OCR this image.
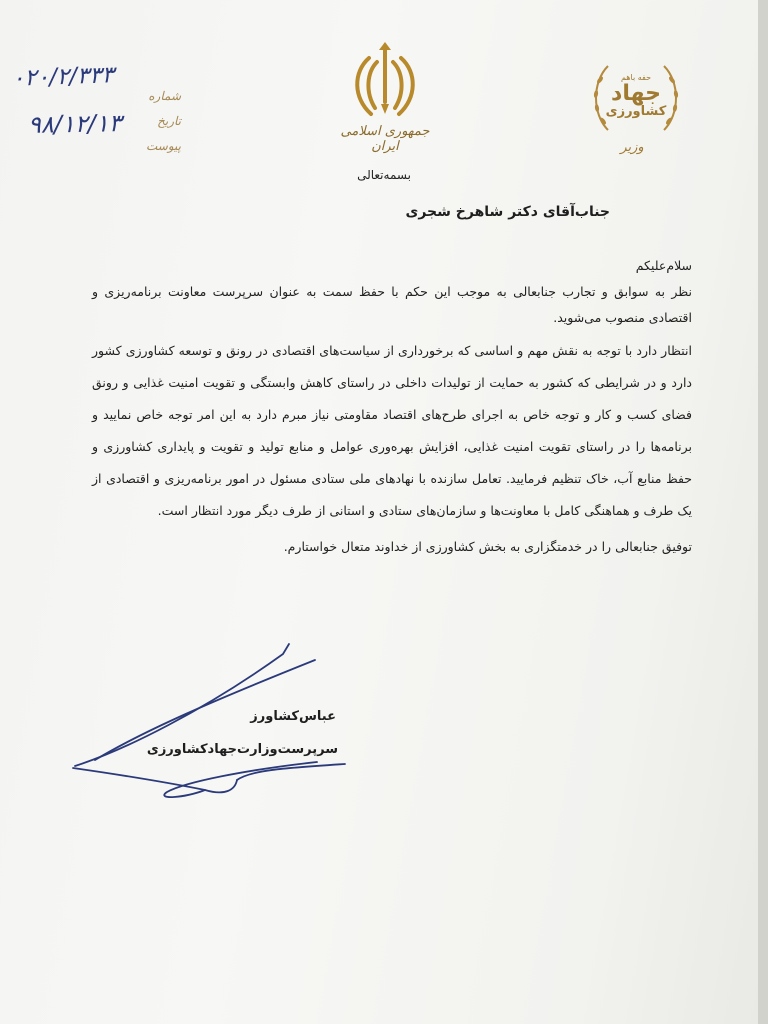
جمهوری اسلامی ایران
حفه باهم
جهاد
کشاورزی
وزیر
شماره
تاریخ
پیوست
۰۲۰/۲/۳۳۳
۹۸/۱۲/۱۳
بسمه‌تعالی
جناب‌آقای دکتر شاهرخ شجری

سلام‌علیکم

نظر به سوابق و تجارب جنابعالی به موجب این حکم با حفظ سمت به عنوان سرپرست معاونت برنامه‌ریزی و اقتصادی منصوب می‌شوید.

انتظار دارد با توجه به نقش مهم و اساسی که برخورداری از سیاست‌های اقتصادی در رونق و توسعه کشاورزی کشور دارد و در شرایطی که کشور به حمایت از تولیدات داخلی در راستای کاهش وابستگی و تقویت امنیت غذایی و رونق فضای کسب و کار و توجه خاص به اجرای طرح‌های اقتصاد مقاومتی نیاز مبرم دارد به این امر توجه خاص نمایید و برنامه‌ها را در راستای تقویت امنیت غذایی، افزایش بهره‌وری عوامل و منابع تولید و تقویت و پایداری کشاورزی و حفظ منابع آب، خاک تنظیم فرمایید. تعامل سازنده با نهادهای ملی ستادی مسئول در امور برنامه‌ریزی و اقتصادی از یک طرف و هماهنگی کامل با معاونت‌ها و سازمان‌های ستادی و استانی از طرف دیگر مورد انتظار است.

توفیق جنابعالی را در خدمتگزاری به بخش کشاورزی از خداوند متعال خواستارم.

عباس‌کشاورز
سرپرست‌وزارت‌جهادکشاورزی
